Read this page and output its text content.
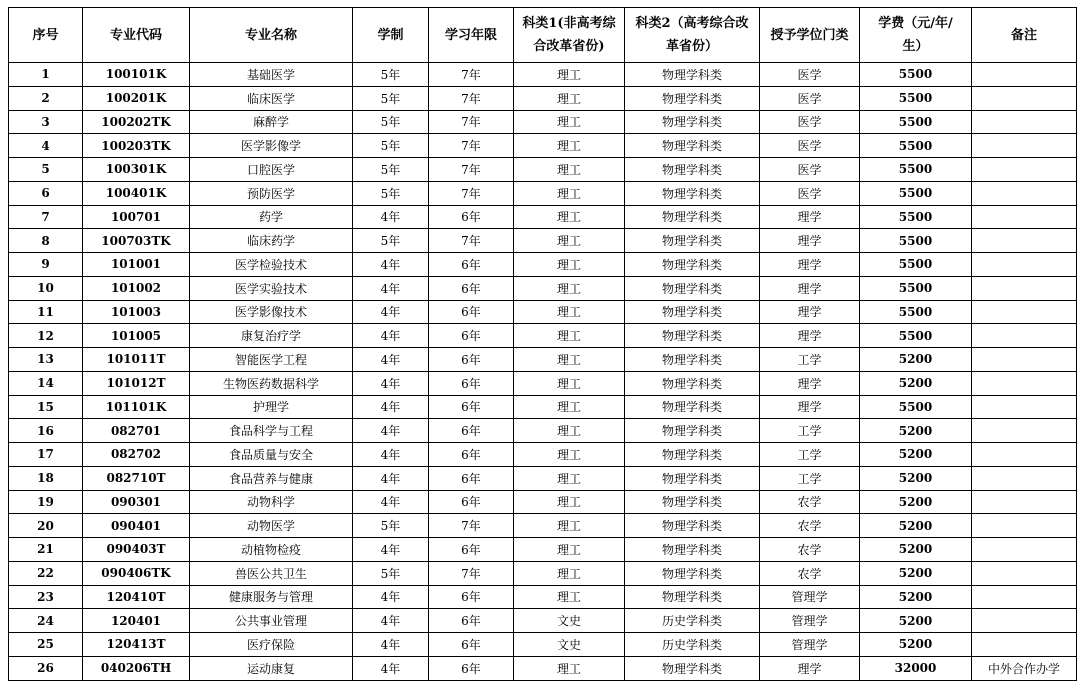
序号	专业代码	专业名称	学制	学习年限	科类1(非高考综合改革省份)	科类2（高考综合改革省份）	授予学位门类	学费（元/年/生）	备注
1	100101K	基础医学	5年	7年	理工	物理学科类	医学	5500	
2	100201K	临床医学	5年	7年	理工	物理学科类	医学	5500	
3	100202TK	麻醉学	5年	7年	理工	物理学科类	医学	5500	
4	100203TK	医学影像学	5年	7年	理工	物理学科类	医学	5500	
5	100301K	口腔医学	5年	7年	理工	物理学科类	医学	5500	
6	100401K	预防医学	5年	7年	理工	物理学科类	医学	5500	
7	100701	药学	4年	6年	理工	物理学科类	理学	5500	
8	100703TK	临床药学	5年	7年	理工	物理学科类	理学	5500	
9	101001	医学检验技术	4年	6年	理工	物理学科类	理学	5500	
10	101002	医学实验技术	4年	6年	理工	物理学科类	理学	5500	
11	101003	医学影像技术	4年	6年	理工	物理学科类	理学	5500	
12	101005	康复治疗学	4年	6年	理工	物理学科类	理学	5500	
13	101011T	智能医学工程	4年	6年	理工	物理学科类	工学	5200	
14	101012T	生物医药数据科学	4年	6年	理工	物理学科类	理学	5200	
15	101101K	护理学	4年	6年	理工	物理学科类	理学	5500	
16	082701	食品科学与工程	4年	6年	理工	物理学科类	工学	5200	
17	082702	食品质量与安全	4年	6年	理工	物理学科类	工学	5200	
18	082710T	食品营养与健康	4年	6年	理工	物理学科类	工学	5200	
19	090301	动物科学	4年	6年	理工	物理学科类	农学	5200	
20	090401	动物医学	5年	7年	理工	物理学科类	农学	5200	
21	090403T	动植物检疫	4年	6年	理工	物理学科类	农学	5200	
22	090406TK	兽医公共卫生	5年	7年	理工	物理学科类	农学	5200	
23	120410T	健康服务与管理	4年	6年	理工	物理学科类	管理学	5200	
24	120401	公共事业管理	4年	6年	文史	历史学科类	管理学	5200	
25	120413T	医疗保险	4年	6年	文史	历史学科类	管理学	5200	
26	040206TH	运动康复	4年	6年	理工	物理学科类	理学	32000	中外合作办学
